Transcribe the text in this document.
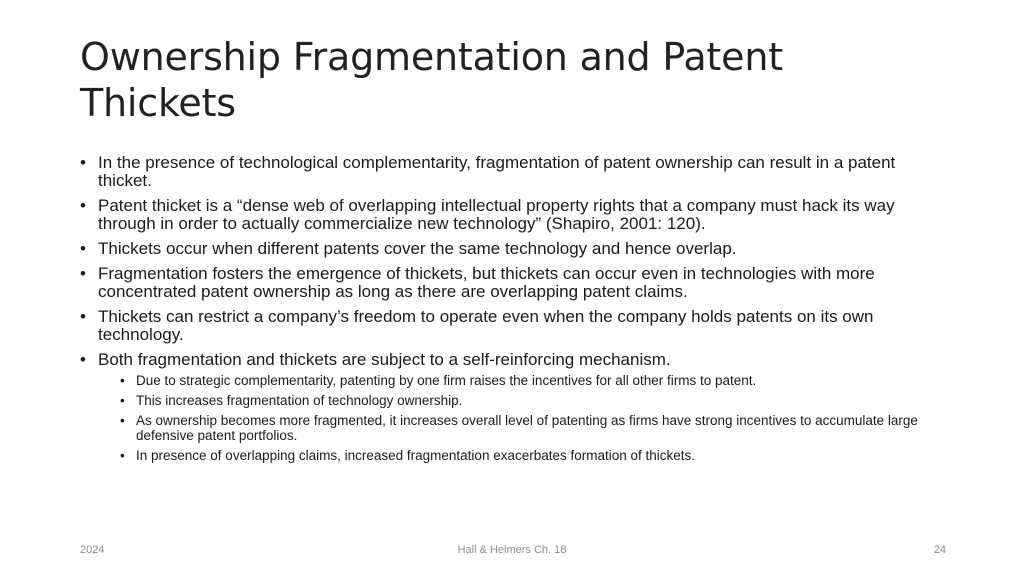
Ownership Fragmentation and Patent Thickets
• In the presence of technological complementarity, fragmentation of patent ownership can result in a patent thicket.
• Patent thicket is a “dense web of overlapping intellectual property rights that a company must hack its way through in order to actually commercialize new technology” (Shapiro, 2001: 120).
• Thickets occur when different patents cover the same technology and hence overlap.
• Fragmentation fosters the emergence of thickets, but thickets can occur even in technologies with more concentrated patent ownership as long as there are overlapping patent claims.
• Thickets can restrict a company’s freedom to operate even when the company holds patents on its own technology.
• Both fragmentation and thickets are subject to a self-reinforcing mechanism.
• Due to strategic complementarity, patenting by one firm raises the incentives for all other firms to patent.
• This increases fragmentation of technology ownership.
• As ownership becomes more fragmented, it increases overall level of patenting as firms have strong incentives to accumulate large defensive patent portfolios.
• In presence of overlapping claims, increased fragmentation exacerbates formation of thickets.
2024	Hall & Helmers Ch. 18	24
